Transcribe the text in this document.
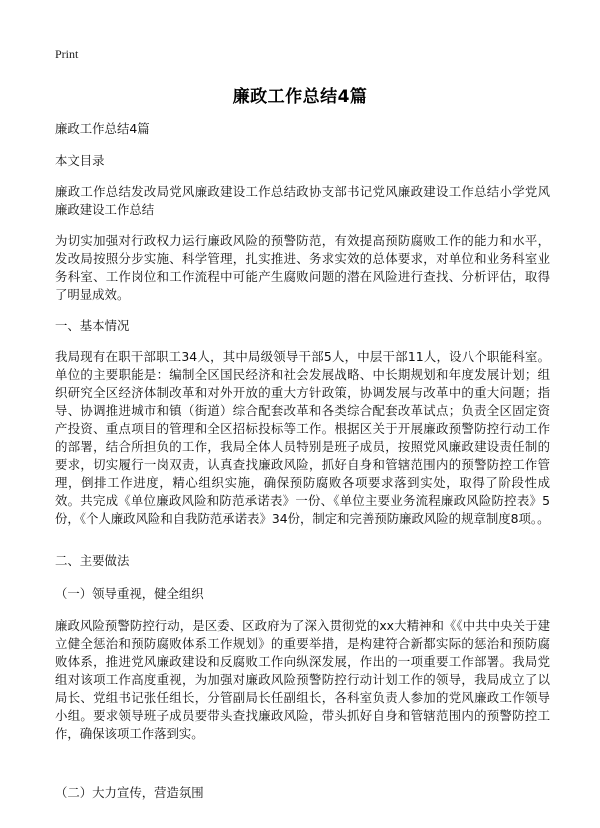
Print
廉政工作总结4篇

廉政工作总结4篇

本文目录

廉政工作总结发改局党风廉政建设工作总结政协支部书记党风廉政建设工作总结小学党风廉政建设工作总结

为切实加强对行政权力运行廉政风险的预警防范，有效提高预防腐败工作的能力和水平，发改局按照分步实施、科学管理，扎实推进、务求实效的总体要求，对单位和业务科室业务科室、工作岗位和工作流程中可能产生腐败问题的潜在风险进行查找、分析评估，取得了明显成效。

一、基本情况

我局现有在职干部职工34人，其中局级领导干部5人，中层干部11人，设八个职能科室。单位的主要职能是：编制全区国民经济和社会发展战略、中长期规划和年度发展计划；组织研究全区经济体制改革和对外开放的重大方针政策，协调发展与改革中的重大问题；指导、协调推进城市和镇（街道）综合配套改革和各类综合配套改革试点；负责全区固定资产投资、重点项目的管理和全区招标投标等工作。根据区关于开展廉政预警防控行动工作的部署，结合所担负的工作，我局全体人员特别是班子成员，按照党风廉政建设责任制的要求，切实履行一岗双责，认真查找廉政风险，抓好自身和管辖范围内的预警防控工作管理，倒排工作进度，精心组织实施，确保预防腐败各项要求落到实处，取得了阶段性成效。共完成《单位廉政风险和防范承诺表》一份、《单位主要业务流程廉政风险防控表》5份，《个人廉政风险和自我防范承诺表》34份，制定和完善预防廉政风险的规章制度8项。。

二、主要做法

（一）领导重视，健全组织

廉政风险预警防控行动，是区委、区政府为了深入贯彻党的xx大精神和《《中共中央关于建立健全惩治和预防腐败体系工作规划》的重要举措，是构建符合新都实际的惩治和预防腐败体系，推进党风廉政建设和反腐败工作向纵深发展，作出的一项重要工作部署。我局党组对该项工作高度重视，为加强对廉政风险预警防控行动计划工作的领导，我局成立了以局长、党组书记张任组长，分管副局长任副组长，各科室负责人参加的党风廉政工作领导小组。要求领导班子成员要带头查找廉政风险，带头抓好自身和管辖范围内的预警防控工作，确保该项工作落到实。

（二）大力宣传，营造氛围
